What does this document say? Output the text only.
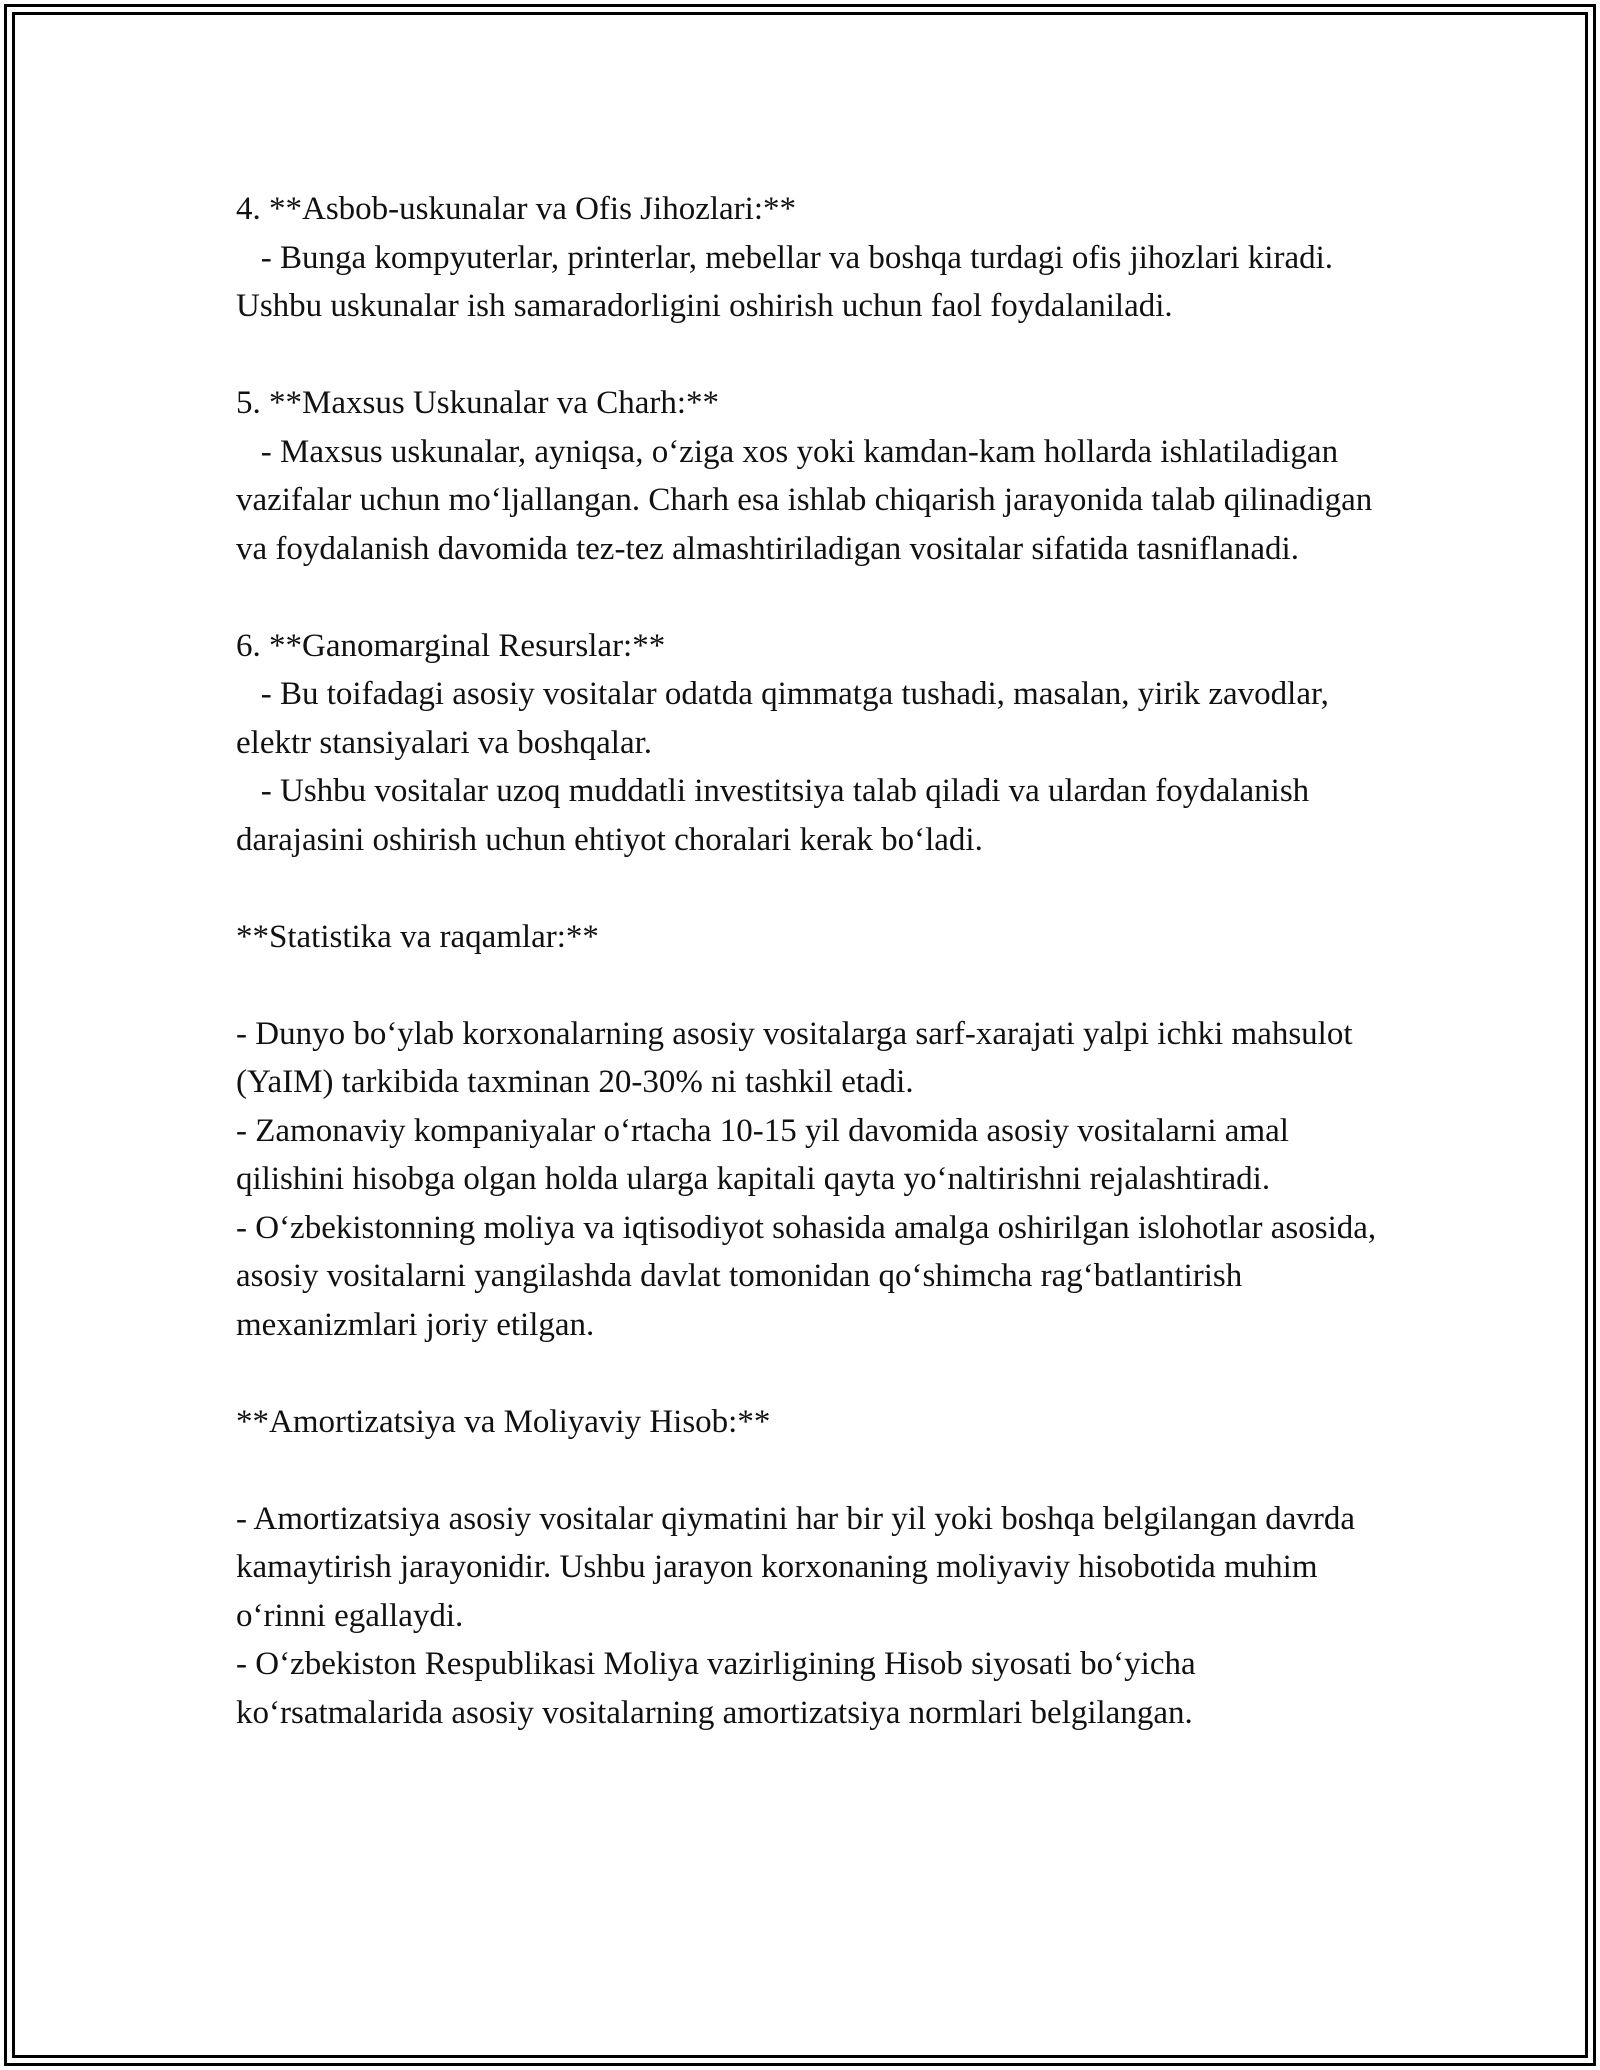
4. **Asbob-uskunalar va Ofis Jihozlari:**

- Bunga kompyuterlar, printerlar, mebellar va boshqa turdagi ofis jihozlari kiradi. Ushbu uskunalar ish samaradorligini oshirish uchun faol foydalaniladi.

5. **Maxsus Uskunalar va Charh:**

- Maxsus uskunalar, ayniqsa, o‘ziga xos yoki kamdan-kam hollarda ishlatiladigan vazifalar uchun mo‘ljallangan. Charh esa ishlab chiqarish jarayonida talab qilinadigan va foydalanish davomida tez-tez almashtiriladigan vositalar sifatida tasniflanadi.

6. **Ganomarginal Resurslar:**

- Bu toifadagi asosiy vositalar odatda qimmatga tushadi, masalan, yirik zavodlar, elektr stansiyalari va boshqalar.

- Ushbu vositalar uzoq muddatli investitsiya talab qiladi va ulardan foydalanish darajasini oshirish uchun ehtiyot choralari kerak bo‘ladi.

**Statistika va raqamlar:**

- Dunyo bo‘ylab korxonalarning asosiy vositalarga sarf-xarajati yalpi ichki mahsulot (YaIM) tarkibida taxminan 20-30% ni tashkil etadi.

- Zamonaviy kompaniyalar o‘rtacha 10-15 yil davomida asosiy vositalarni amal qilishini hisobga olgan holda ularga kapitali qayta yo‘naltirishni rejalashtiradi.

- O‘zbekistonning moliya va iqtisodiyot sohasida amalga oshirilgan islohotlar asosida, asosiy vositalarni yangilashda davlat tomonidan qo‘shimcha rag‘batlantirish mexanizmlari joriy etilgan.

**Amortizatsiya va Moliyaviy Hisob:**

- Amortizatsiya asosiy vositalar qiymatini har bir yil yoki boshqa belgilangan davrda kamaytirish jarayonidir. Ushbu jarayon korxonaning moliyaviy hisobotida muhim o‘rinni egallaydi.

- O‘zbekiston Respublikasi Moliya vazirligining Hisob siyosati bo‘yicha ko‘rsatmalarida asosiy vositalarning amortizatsiya normlari belgilangan.
